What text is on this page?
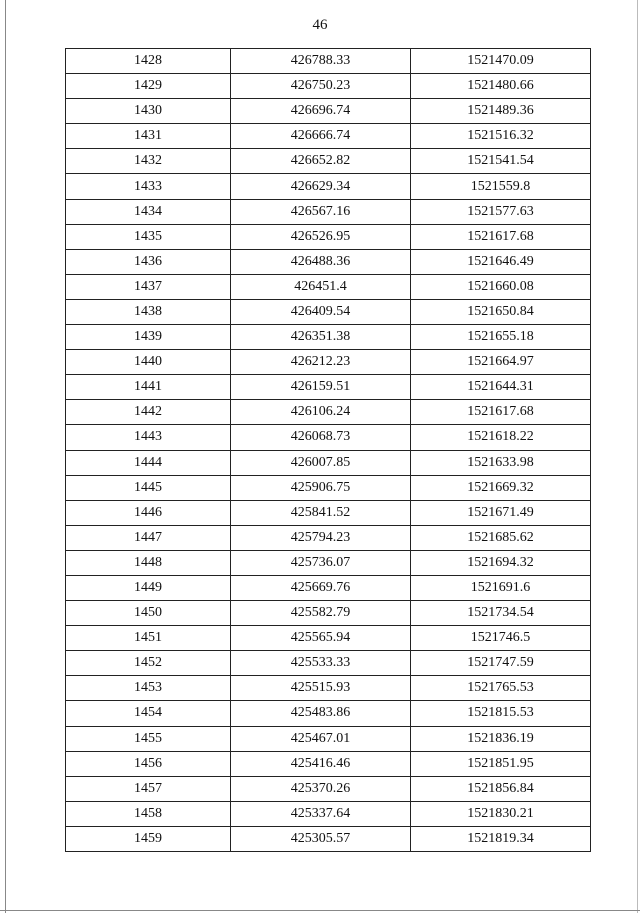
46
1428	426788.33	1521470.09
1429	426750.23	1521480.66
1430	426696.74	1521489.36
1431	426666.74	1521516.32
1432	426652.82	1521541.54
1433	426629.34	1521559.8
1434	426567.16	1521577.63
1435	426526.95	1521617.68
1436	426488.36	1521646.49
1437	426451.4	1521660.08
1438	426409.54	1521650.84
1439	426351.38	1521655.18
1440	426212.23	1521664.97
1441	426159.51	1521644.31
1442	426106.24	1521617.68
1443	426068.73	1521618.22
1444	426007.85	1521633.98
1445	425906.75	1521669.32
1446	425841.52	1521671.49
1447	425794.23	1521685.62
1448	425736.07	1521694.32
1449	425669.76	1521691.6
1450	425582.79	1521734.54
1451	425565.94	1521746.5
1452	425533.33	1521747.59
1453	425515.93	1521765.53
1454	425483.86	1521815.53
1455	425467.01	1521836.19
1456	425416.46	1521851.95
1457	425370.26	1521856.84
1458	425337.64	1521830.21
1459	425305.57	1521819.34
